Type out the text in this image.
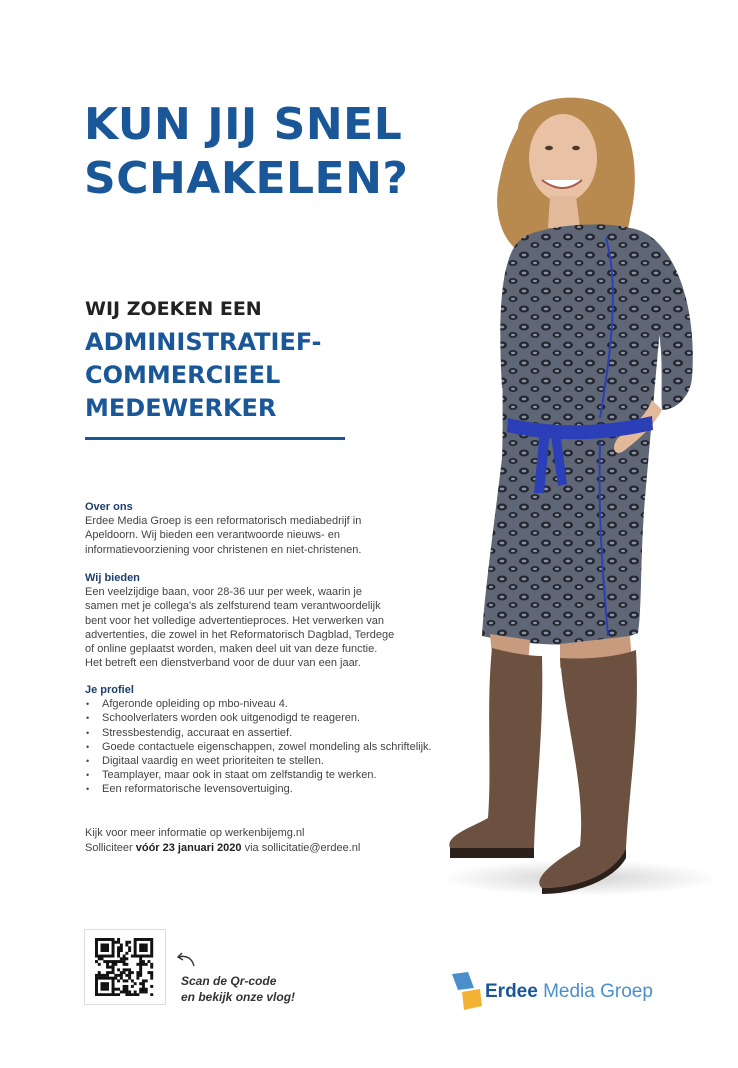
KUN JIJ SNEL
SCHAKELEN?
WIJ ZOEKEN EEN
ADMINISTRATIEF-
COMMERCIEEL
MEDEWERKER
Over ons

Erdee Media Groep is een reformatorisch mediabedrijf in

Apeldoorn. Wij bieden een verantwoorde nieuws- en

informatievoorziening voor christenen en niet-christenen.

Wij bieden

Een veelzijdige baan, voor 28-36 uur per week, waarin je

samen met je collega's als zelfsturend team verantwoordelijk

bent voor het volledige advertentieproces. Het verwerken van

advertenties, die zowel in het Reformatorisch Dagblad, Terdege

of online geplaatst worden, maken deel uit van deze functie.

Het betreft een dienstverband voor de duur van een jaar.

Je profiel
• Afgeronde opleiding op mbo-niveau 4.
• Schoolverlaters worden ook uitgenodigd te reageren.
• Stressbestendig, accuraat en assertief.
• Goede contactuele eigenschappen, zowel mondeling als schriftelijk.
• Digitaal vaardig en weet prioriteiten te stellen.
• Teamplayer, maar ook in staat om zelfstandig te werken.
• Een reformatorische levensovertuiging.
Kijk voor meer informatie op werkenbijemg.nl
Solliciteer vóór 23 januari 2020 via sollicitatie@erdee.nl
Scan de Qr-code
en bekijk onze vlog!	Erdee Media Groep
